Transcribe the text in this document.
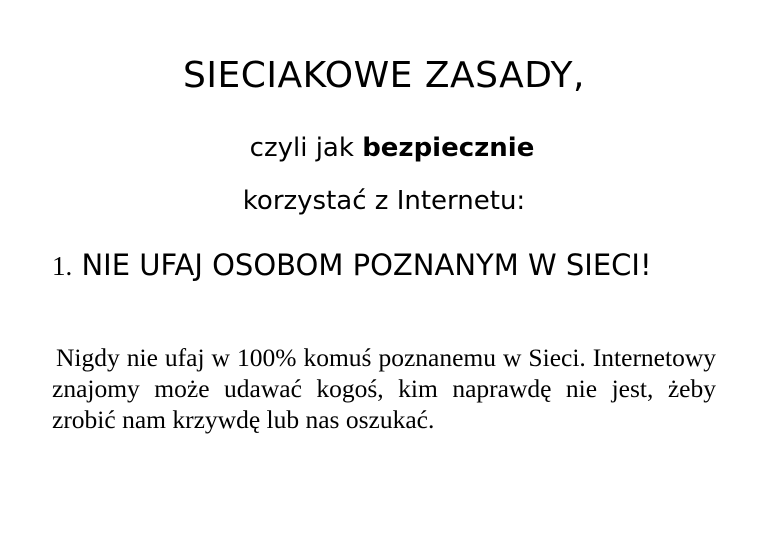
SIECIAKOWE ZASADY,
czyli jak bezpiecznie
korzystać z Internetu:
1. NIE UFAJ OSOBOM POZNANYM W SIECI!
Nigdy nie ufaj w 100% komuś poznanemu w Sieci. Internetowy znajomy może udawać kogoś, kim naprawdę nie jest, żeby zrobić nam krzywdę lub nas oszukać.
